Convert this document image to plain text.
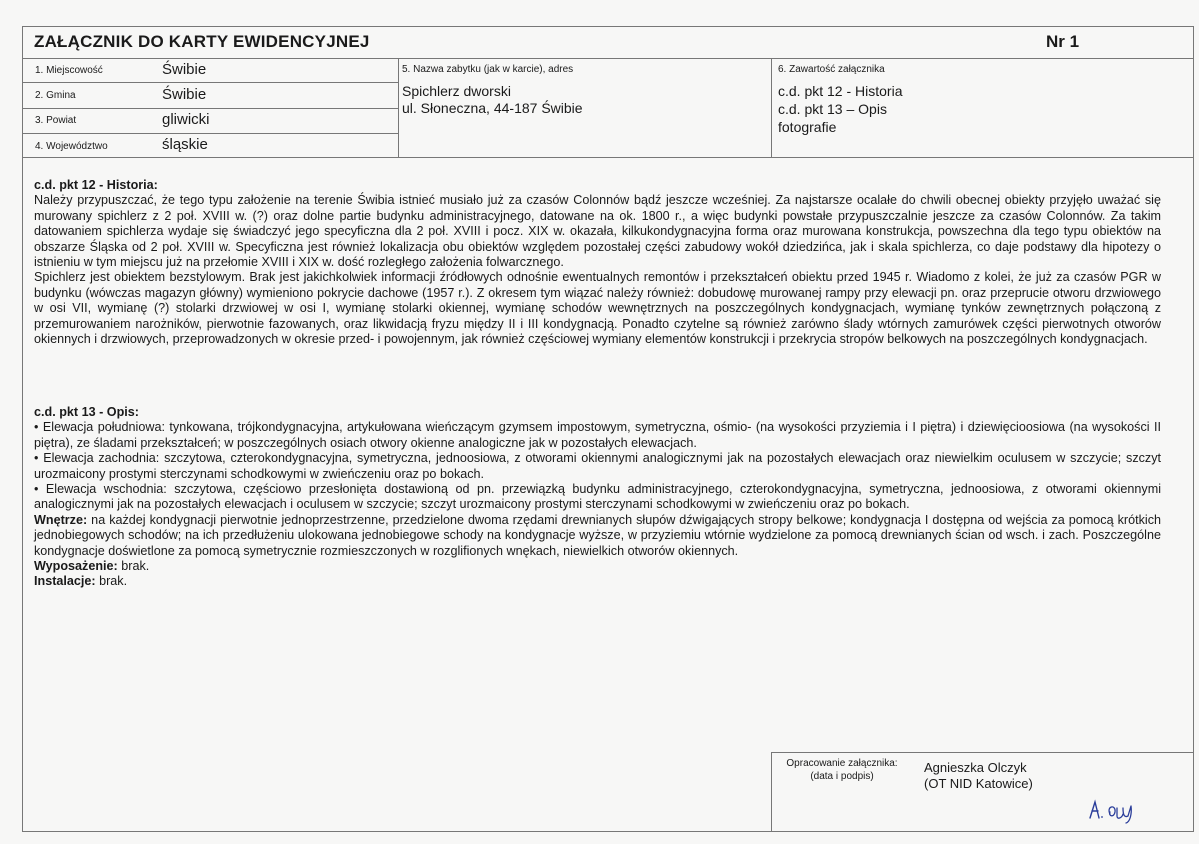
ZAŁĄCZNIK DO KARTY EWIDENCYJNEJ	Nr 1
1. Miejscowość	Świbie
2. Gmina	Świbie
3. Powiat	gliwicki
4. Województwo	śląskie
5. Nazwa zabytku (jak w karcie), adres
Spichlerz dworski
ul. Słoneczna, 44-187 Świbie
6. Zawartość załącznika
c.d. pkt 12 - Historia
c.d. pkt 13 – Opis
fotografie

c.d. pkt 12 - Historia:

Należy przypuszczać, że tego typu założenie na terenie Świbia istnieć musiało już za czasów Colonnów bądź jeszcze wcześniej. Za najstarsze ocalałe do chwili obecnej obiekty przyjęło uważać się murowany spichlerz z 2 poł. XVIII w. (?) oraz dolne partie budynku administracyjnego, datowane na ok. 1800 r., a więc budynki powstałe przypuszczalnie jeszcze za czasów Colonnów. Za takim datowaniem spichlerza wydaje się świadczyć jego specyficzna dla 2 poł. XVIII i pocz. XIX w. okazała, kilkukondygnacyjna forma oraz murowana konstrukcja, powszechna dla tego typu obiektów na obszarze Śląska od 2 poł. XVIII w. Specyficzna jest również lokalizacja obu obiektów względem pozostałej części zabudowy wokół dziedzińca, jak i skala spichlerza, co daje podstawy dla hipotezy o istnieniu w tym miejscu już na przełomie XVIII i XIX w. dość rozległego założenia folwarcznego.

Spichlerz jest obiektem bezstylowym. Brak jest jakichkolwiek informacji źródłowych odnośnie ewentualnych remontów i przekształceń obiektu przed 1945 r. Wiadomo z kolei, że już za czasów PGR w budynku (wówczas magazyn główny) wymieniono pokrycie dachowe (1957 r.). Z okresem tym wiązać należy również: dobudowę murowanej rampy przy elewacji pn. oraz przeprucie otworu drzwiowego w osi VII, wymianę (?) stolarki drzwiowej w osi I, wymianę stolarki okiennej, wymianę schodów wewnętrznych na poszczególnych kondygnacjach, wymianę tynków zewnętrznych połączoną z przemurowaniem narożników, pierwotnie fazowanych, oraz likwidacją fryzu między II i III kondygnacją. Ponadto czytelne są również zarówno ślady wtórnych zamurówek części pierwotnych otworów okiennych i drzwiowych, przeprowadzonych w okresie przed- i powojennym, jak również częściowej wymiany elementów konstrukcji i przekrycia stropów belkowych na poszczególnych kondygnacjach.

c.d. pkt 13 - Opis:

• Elewacja południowa: tynkowana, trójkondygnacyjna, artykułowana wieńczącym gzymsem impostowym, symetryczna, ośmio- (na wysokości przyziemia i I piętra) i dziewięcioosiowa (na wysokości II piętra), ze śladami przekształceń; w poszczególnych osiach otwory okienne analogiczne jak w pozostałych elewacjach.

• Elewacja zachodnia: szczytowa, czterokondygnacyjna, symetryczna, jednoosiowa, z otworami okiennymi analogicznymi jak na pozostałych elewacjach oraz niewielkim oculusem w szczycie; szczyt urozmaicony prostymi sterczynami schodkowymi w zwieńczeniu oraz po bokach.

• Elewacja wschodnia: szczytowa, częściowo przesłonięta dostawioną od pn. przewiązką budynku administracyjnego, czterokondygnacyjna, symetryczna, jednoosiowa, z otworami okiennymi analogicznymi jak na pozostałych elewacjach i oculusem w szczycie; szczyt urozmaicony prostymi sterczynami schodkowymi w zwieńczeniu oraz po bokach.

Wnętrze: na każdej kondygnacji pierwotnie jednoprzestrzenne, przedzielone dwoma rzędami drewnianych słupów dźwigających stropy belkowe; kondygnacja I dostępna od wejścia za pomocą krótkich jednobiegowych schodów; na ich przedłużeniu ulokowana jednobiegowe schody na kondygnacje wyższe, w przyziemiu wtórnie wydzielone za pomocą drewnianych ścian od wsch. i zach. Poszczególne kondygnacje doświetlone za pomocą symetrycznie rozmieszczonych w rozglifionych wnękach, niewielkich otworów okiennych.

Wyposażenie: brak.

Instalacje: brak.

Opracowanie załącznika:
(data i podpis)
Agnieszka Olczyk
(OT NID Katowice)
